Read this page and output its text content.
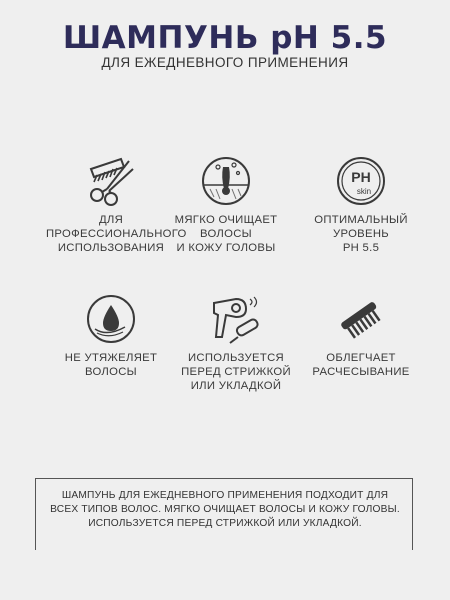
ШАМПУНЬ pH 5.5
ДЛЯ ЕЖЕДНЕВНОГО ПРИМЕНЕНИЯ
ДЛЯ
ПРОФЕССИОНАЛЬНОГО
ИСПОЛЬЗОВАНИЯ
МЯГКО ОЧИЩАЕТ
ВОЛОСЫ
И КОЖУ ГОЛОВЫ
PH
skin
ОПТИМАЛЬНЫЙ
УРОВЕНЬ
PH 5.5
НЕ УТЯЖЕЛЯЕТ
ВОЛОСЫ
ИСПОЛЬЗУЕТСЯ
ПЕРЕД СТРИЖКОЙ
ИЛИ УКЛАДКОЙ
ОБЛЕГЧАЕТ
РАСЧЕСЫВАНИЕ
ШАМПУНЬ ДЛЯ ЕЖЕДНЕВНОГО ПРИМЕНЕНИЯ ПОДХОДИТ ДЛЯ ВСЕХ ТИПОВ ВОЛОС. МЯГКО ОЧИЩАЕТ ВОЛОСЫ И КОЖУ ГОЛОВЫ. ИСПОЛЬЗУЕТСЯ ПЕРЕД СТРИЖКОЙ ИЛИ УКЛАДКОЙ.
